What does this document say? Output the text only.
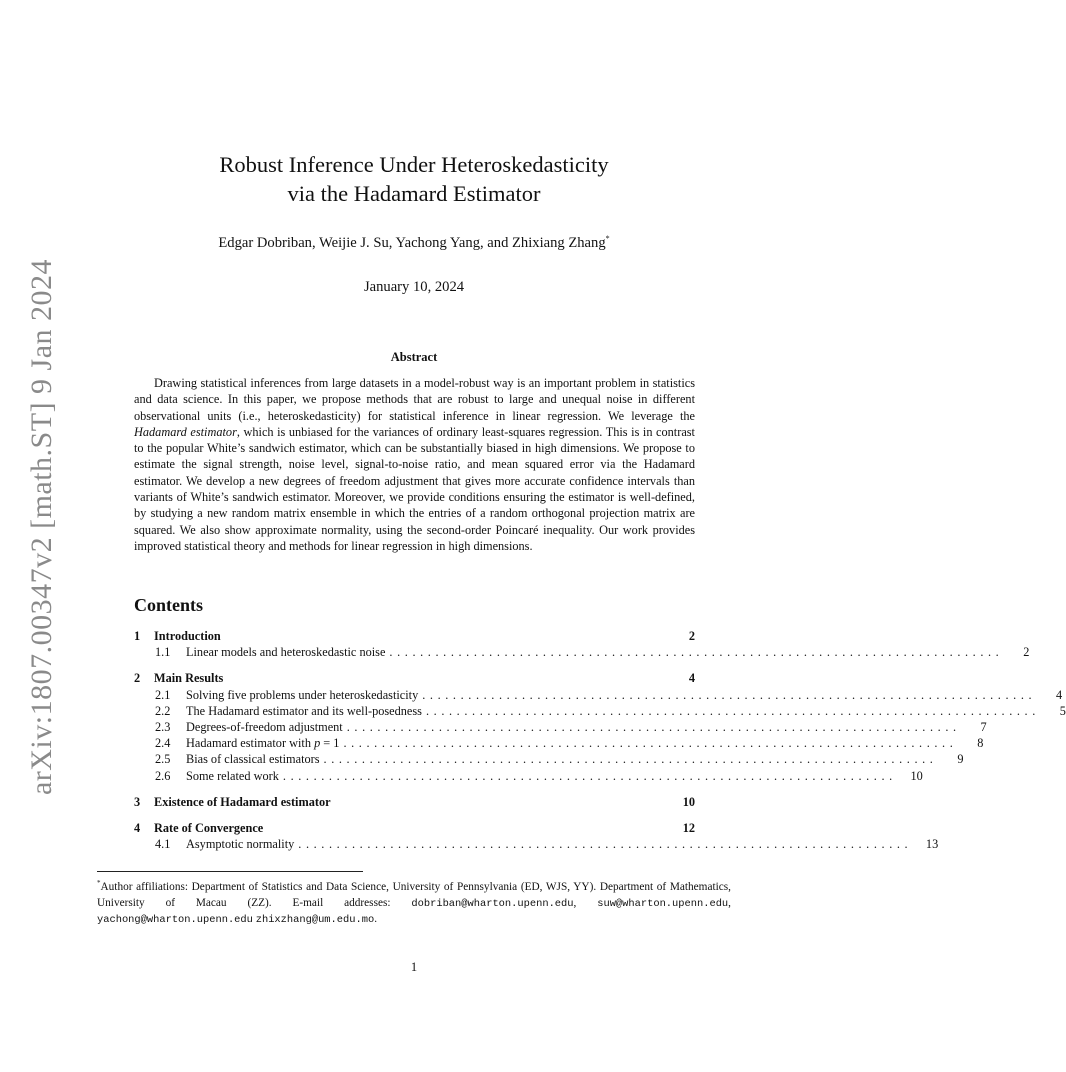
arXiv:1807.00347v2 [math.ST] 9 Jan 2024
Robust Inference Under Heteroskedasticity
via the Hadamard Estimator
Edgar Dobriban, Weijie J. Su, Yachong Yang, and Zhixiang Zhang*
January 10, 2024
Abstract
Drawing statistical inferences from large datasets in a model-robust way is an important problem in statistics and data science. In this paper, we propose methods that are robust to large and unequal noise in different observational units (i.e., heteroskedasticity) for statistical inference in linear regression. We leverage the Hadamard estimator, which is unbiased for the variances of ordinary least-squares regression. This is in contrast to the popular White’s sandwich estimator, which can be substantially biased in high dimensions. We propose to estimate the signal strength, noise level, signal-to-noise ratio, and mean squared error via the Hadamard estimator. We develop a new degrees of freedom adjustment that gives more accurate confidence intervals than variants of White’s sandwich estimator. Moreover, we provide conditions ensuring the estimator is well-defined, by studying a new random matrix ensemble in which the entries of a random orthogonal projection matrix are squared. We also show approximate normality, using the second-order Poincaré inequality. Our work provides improved statistical theory and methods for linear regression in high dimensions.
Contents
1	Introduction	2
1.1	Linear models and heteroskedastic noise ................................................................................	2
2	Main Results	4
2.1	Solving five problems under heteroskedasticity ................................................................................	4
2.2	The Hadamard estimator and its well-posedness ................................................................................	5
2.3	Degrees-of-freedom adjustment ................................................................................	7
2.4	Hadamard estimator with p = 1 ................................................................................	8
2.5	Bias of classical estimators ................................................................................	9
2.6	Some related work ................................................................................	10
3	Existence of Hadamard estimator	10
4	Rate of Convergence	12
4.1	Asymptotic normality ................................................................................	13
*Author affiliations: Department of Statistics and Data Science, University of Pennsylvania (ED, WJS, YY). Department of Mathematics, University of Macau (ZZ). E-mail addresses: dobriban@wharton.upenn.edu, suw@wharton.upenn.edu, yachong@wharton.upenn.edu zhixzhang@um.edu.mo.
1
